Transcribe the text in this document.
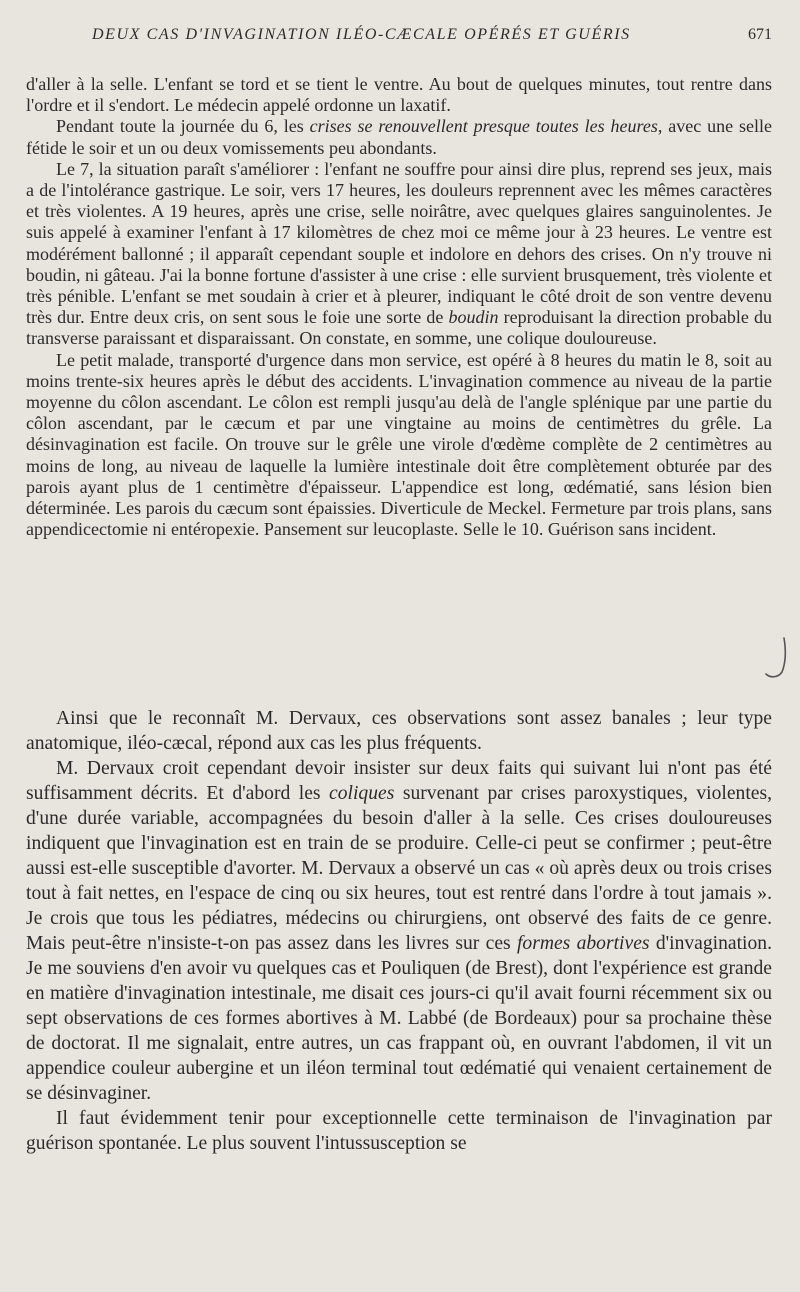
DEUX CAS D'INVAGINATION ILÉO-CÆCALE OPÉRÉS ET GUÉRIS	671

d'aller à la selle. L'enfant se tord et se tient le ventre. Au bout de quelques minutes, tout rentre dans l'ordre et il s'endort. Le médecin appelé ordonne un laxatif.

Pendant toute la journée du 6, les crises se renouvellent presque toutes les heures, avec une selle fétide le soir et un ou deux vomissements peu abondants.

Le 7, la situation paraît s'améliorer : l'enfant ne souffre pour ainsi dire plus, reprend ses jeux, mais a de l'intolérance gastrique. Le soir, vers 17 heures, les douleurs reprennent avec les mêmes caractères et très violentes. A 19 heures, après une crise, selle noirâtre, avec quelques glaires sanguinolentes. Je suis appelé à examiner l'enfant à 17 kilomètres de chez moi ce même jour à 23 heures. Le ventre est modérément ballonné ; il apparaît cependant souple et indolore en dehors des crises. On n'y trouve ni boudin, ni gâteau. J'ai la bonne fortune d'assister à une crise : elle survient brusquement, très violente et très pénible. L'enfant se met soudain à crier et à pleurer, indiquant le côté droit de son ventre devenu très dur. Entre deux cris, on sent sous le foie une sorte de boudin reproduisant la direction probable du transverse paraissant et disparaissant. On constate, en somme, une colique douloureuse.

Le petit malade, transporté d'urgence dans mon service, est opéré à 8 heures du matin le 8, soit au moins trente-six heures après le début des accidents. L'invagination commence au niveau de la partie moyenne du côlon ascendant. Le côlon est rempli jusqu'au delà de l'angle splénique par une partie du côlon ascendant, par le cæcum et par une vingtaine au moins de centimètres du grêle. La désinvagination est facile. On trouve sur le grêle une virole d'œdème complète de 2 centimètres au moins de long, au niveau de laquelle la lumière intestinale doit être complètement obturée par des parois ayant plus de 1 centimètre d'épaisseur. L'appendice est long, œdématié, sans lésion bien déterminée. Les parois du cæcum sont épaissies. Diverticule de Meckel. Fermeture par trois plans, sans appendicectomie ni entéropexie. Pansement sur leucoplaste. Selle le 10. Guérison sans incident.

Ainsi que le reconnaît M. Dervaux, ces observations sont assez banales ; leur type anatomique, iléo-cæcal, répond aux cas les plus fréquents.

M. Dervaux croit cependant devoir insister sur deux faits qui suivant lui n'ont pas été suffisamment décrits. Et d'abord les coliques survenant par crises paroxystiques, violentes, d'une durée variable, accompagnées du besoin d'aller à la selle. Ces crises douloureuses indiquent que l'invagination est en train de se produire. Celle-ci peut se confirmer ; peut-être aussi est-elle susceptible d'avorter. M. Dervaux a observé un cas « où après deux ou trois crises tout à fait nettes, en l'espace de cinq ou six heures, tout est rentré dans l'ordre à tout jamais ». Je crois que tous les pédiatres, médecins ou chirurgiens, ont observé des faits de ce genre. Mais peut-être n'insiste-t-on pas assez dans les livres sur ces formes abortives d'invagination. Je me souviens d'en avoir vu quelques cas et Pouliquen (de Brest), dont l'expérience est grande en matière d'invagination intestinale, me disait ces jours-ci qu'il avait fourni récemment six ou sept observations de ces formes abortives à M. Labbé (de Bordeaux) pour sa prochaine thèse de doctorat. Il me signalait, entre autres, un cas frappant où, en ouvrant l'abdomen, il vit un appendice couleur aubergine et un iléon terminal tout œdématié qui venaient certainement de se désinvaginer.

Il faut évidemment tenir pour exceptionnelle cette terminaison de l'invagination par guérison spontanée. Le plus souvent l'intussusception se
